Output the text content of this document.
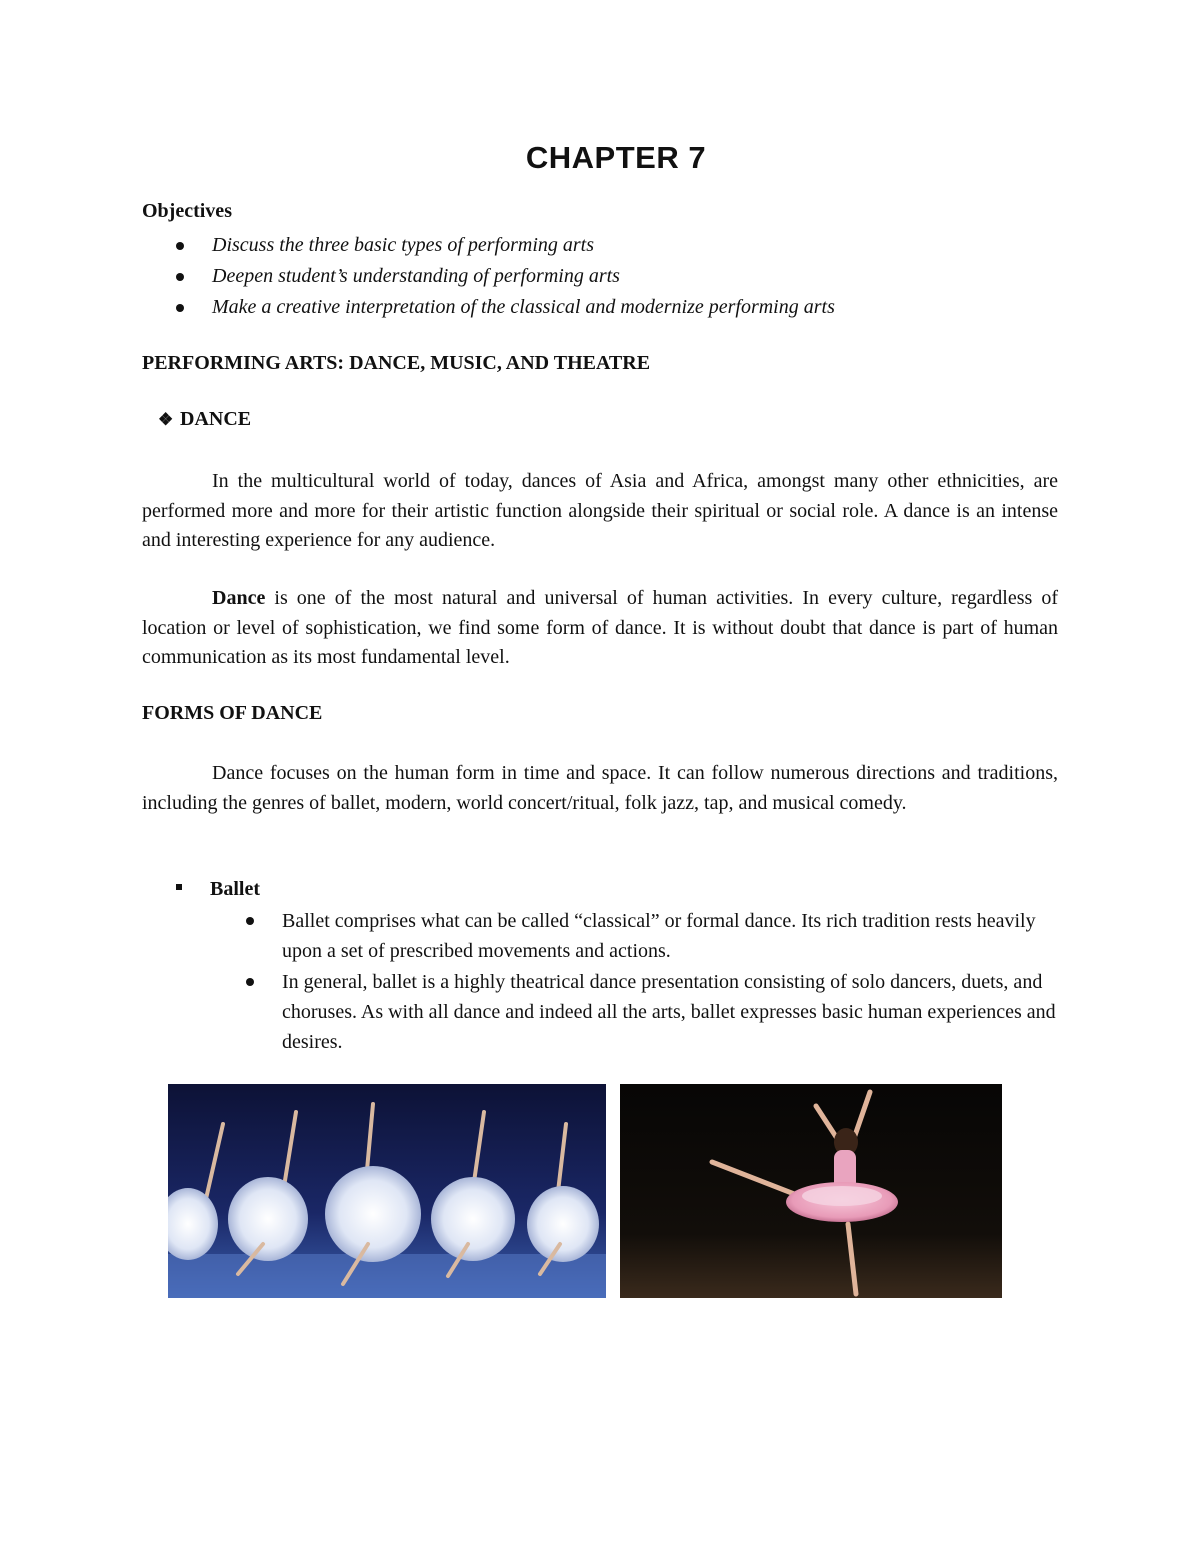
CHAPTER 7
Objectives
Discuss the three basic types of performing arts
Deepen student’s understanding of performing arts
Make a creative interpretation of the classical and modernize performing arts
PERFORMING ARTS: DANCE, MUSIC, AND THEATRE
❖ DANCE

In the multicultural world of today, dances of Asia and Africa, amongst many other ethnicities, are performed more and more for their artistic function alongside their spiritual or social role. A dance is an intense and interesting experience for any audience.

Dance is one of the most natural and universal of human activities. In every culture, regardless of location or level of sophistication, we find some form of dance. It is without doubt that dance is part of human communication as its most fundamental level.

FORMS OF DANCE

Dance focuses on the human form in time and space. It can follow numerous directions and traditions, including the genres of ballet, modern, world concert/ritual, folk jazz, tap, and musical comedy.

Ballet
Ballet comprises what can be called “classical” or formal dance. Its rich tradition rests heavily upon a set of prescribed movements and actions.
In general, ballet is a highly theatrical dance presentation consisting of solo dancers, duets, and choruses. As with all dance and indeed all the arts, ballet expresses basic human experiences and desires.
